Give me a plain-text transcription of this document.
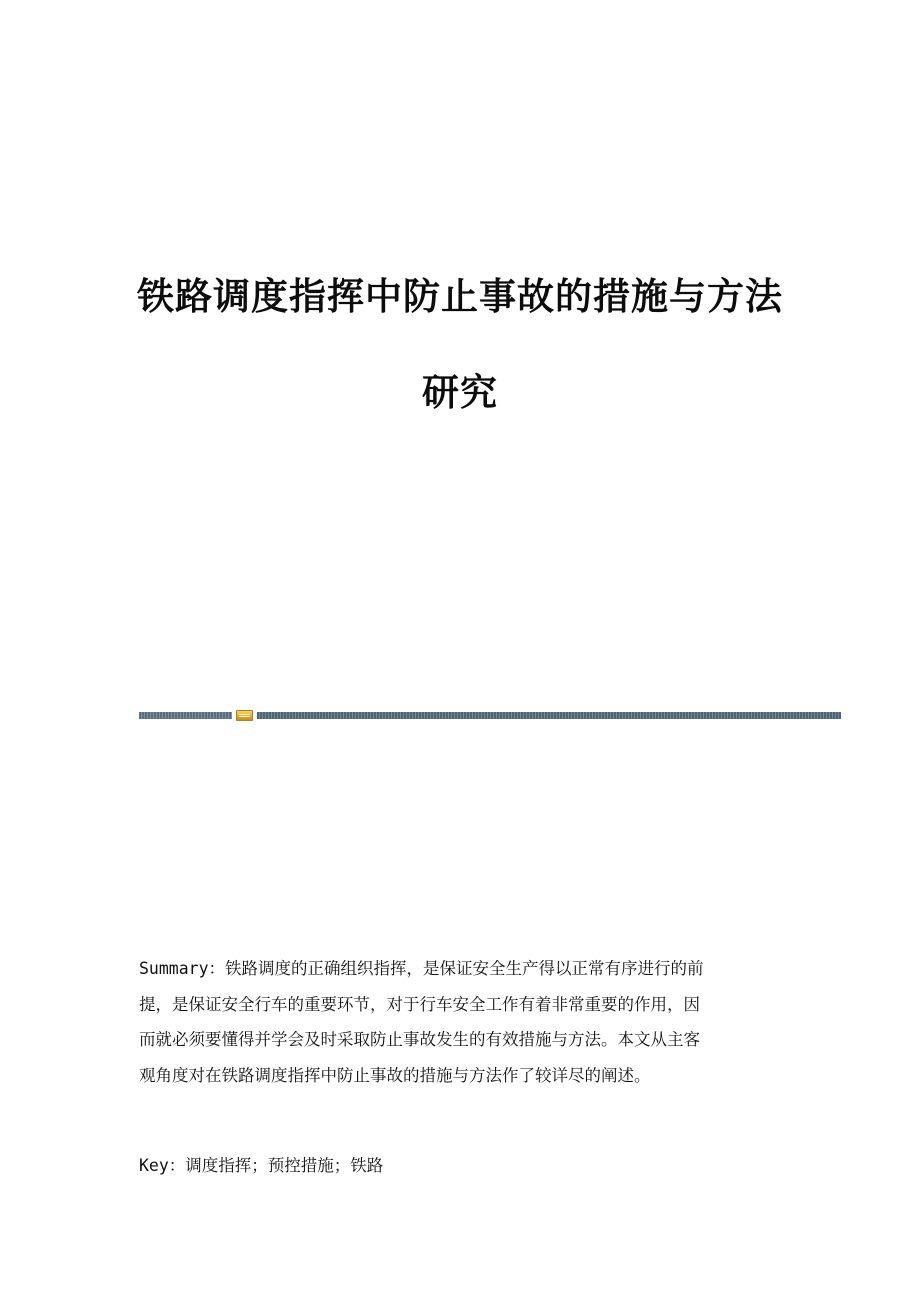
铁路调度指挥中防止事故的措施与方法
研究
Summary：铁路调度的正确组织指挥，是保证安全生产得以正常有序进行的前
提，是保证安全行车的重要环节，对于行车安全工作有着非常重要的作用，因
而就必须要懂得并学会及时采取防止事故发生的有效措施与方法。本文从主客
观角度对在铁路调度指挥中防止事故的措施与方法作了较详尽的阐述。
Key：调度指挥；预控措施；铁路
